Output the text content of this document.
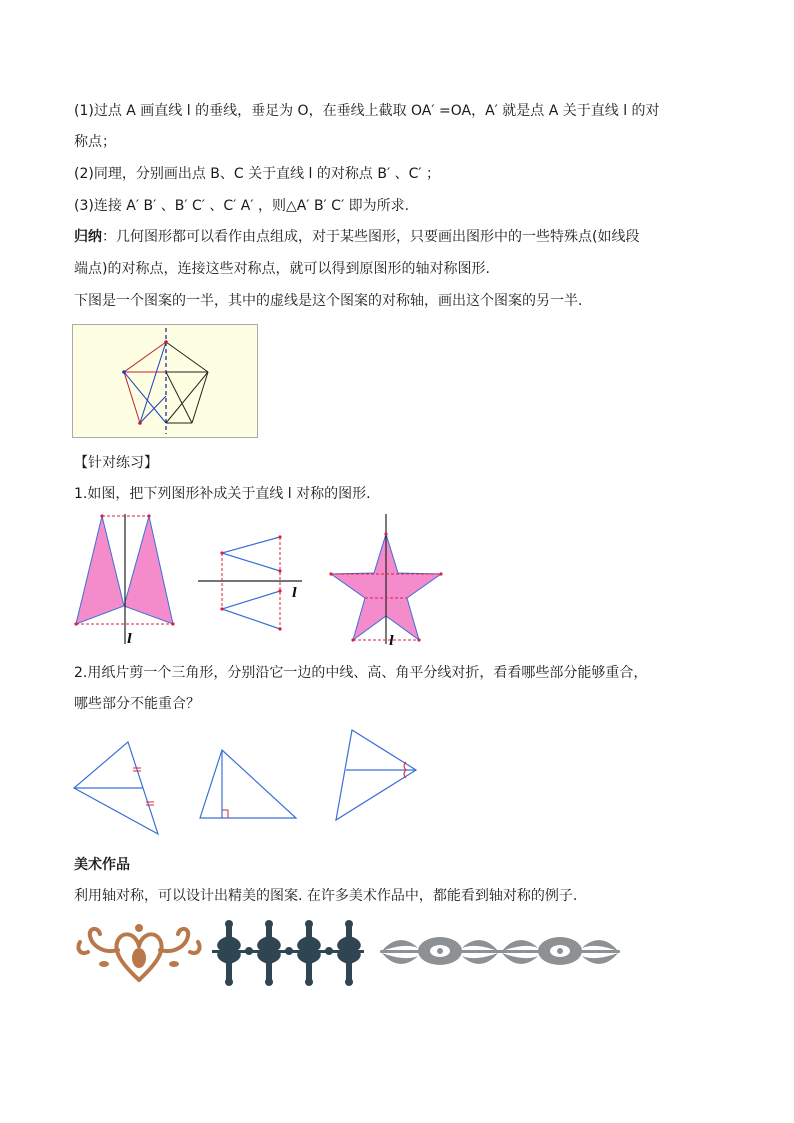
(1)过点 A 画直线 l 的垂线，垂足为 O，在垂线上截取 OA′ =OA，A′ 就是点 A 关于直线 l 的对
称点；
(2)同理，分别画出点 B、C 关于直线 l 的对称点 B′ 、C′ ；
(3)连接 A′ B′ 、B′ C′ 、C′ A′ ，则△A′ B′ C′ 即为所求.
归纳：几何图形都可以看作由点组成，对于某些图形，只要画出图形中的一些特殊点(如线段
端点)的对称点，连接这些对称点，就可以得到原图形的轴对称图形.
下图是一个图案的一半，其中的虚线是这个图案的对称轴，画出这个图案的另一半.
【针对练习】
1.如图，把下列图形补成关于直线 l 对称的图形.
l
l
l
2.用纸片剪一个三角形，分别沿它一边的中线、高、角平分线对折，看看哪些部分能够重合，
哪些部分不能重合？
美术作品
利用轴对称，可以设计出精美的图案. 在许多美术作品中，都能看到轴对称的例子.
